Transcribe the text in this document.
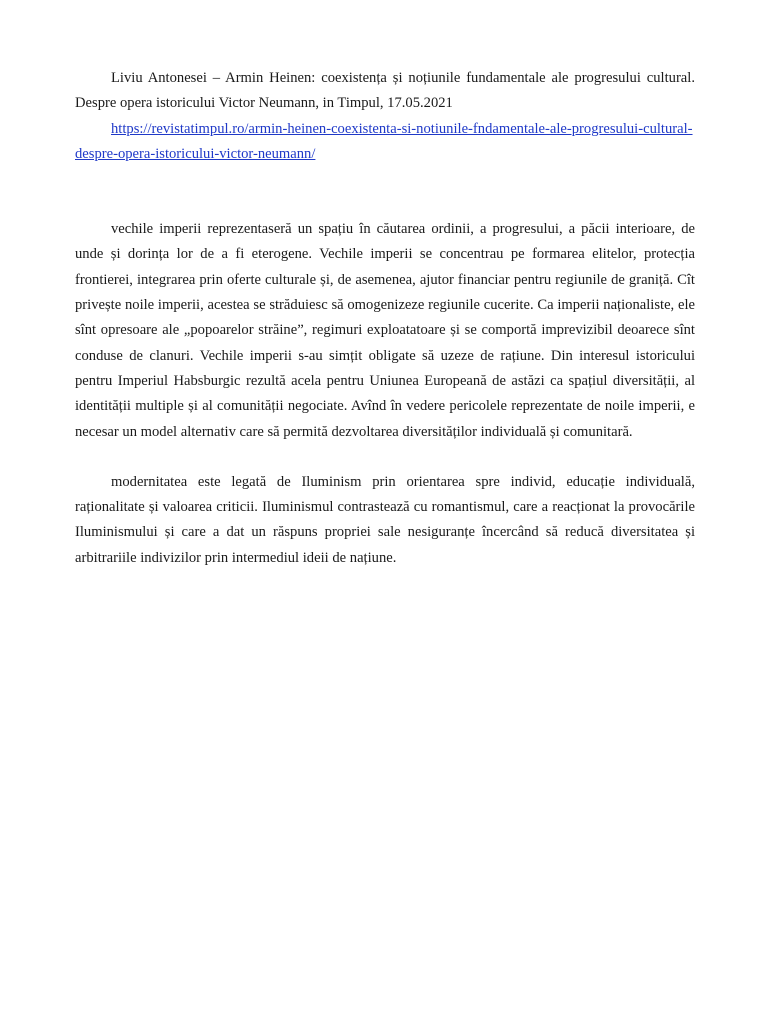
Liviu Antonesei – Armin Heinen: coexistența și noțiunile fundamentale ale progresului cultural. Despre opera istoricului Victor Neumann, in Timpul, 17.05.2021

https://revistatimpul.ro/armin-heinen-coexistenta-si-notiunile-fndamentale-ale-progresului-cultural-despre-opera-istoricului-victor-neumann/

vechile imperii reprezentaseră un spațiu în căutarea ordinii, a progresului, a păcii interioare, de unde și dorința lor de a fi eterogene. Vechile imperii se concentrau pe formarea elitelor, protecția frontierei, integrarea prin oferte culturale și, de asemenea, ajutor financiar pentru regiunile de graniță. Cît privește noile imperii, acestea se străduiesc să omogenizeze regiunile cucerite. Ca imperii naționaliste, ele sînt opresoare ale „popoarelor străine”, regimuri exploatatoare și se comportă imprevizibil deoarece sînt conduse de clanuri. Vechile imperii s-au simțit obligate să uzeze de rațiune. Din interesul istoricului pentru Imperiul Habsburgic rezultă acela pentru Uniunea Europeană de astăzi ca spațiul diversității, al identității multiple și al comunității negociate. Avînd în vedere pericolele reprezentate de noile imperii, e necesar un model alternativ care să permită dezvoltarea diversităților individuală și comunitară.

modernitatea este legată de Iluminism prin orientarea spre individ, educație individuală, raționalitate și valoarea criticii. Iluminismul contrastează cu romantismul, care a reacționat la provocările Iluminismului și care a dat un răspuns propriei sale nesiguranțe încercând să reducă diversitatea și arbitrariile indivizilor prin intermediul ideii de națiune.
